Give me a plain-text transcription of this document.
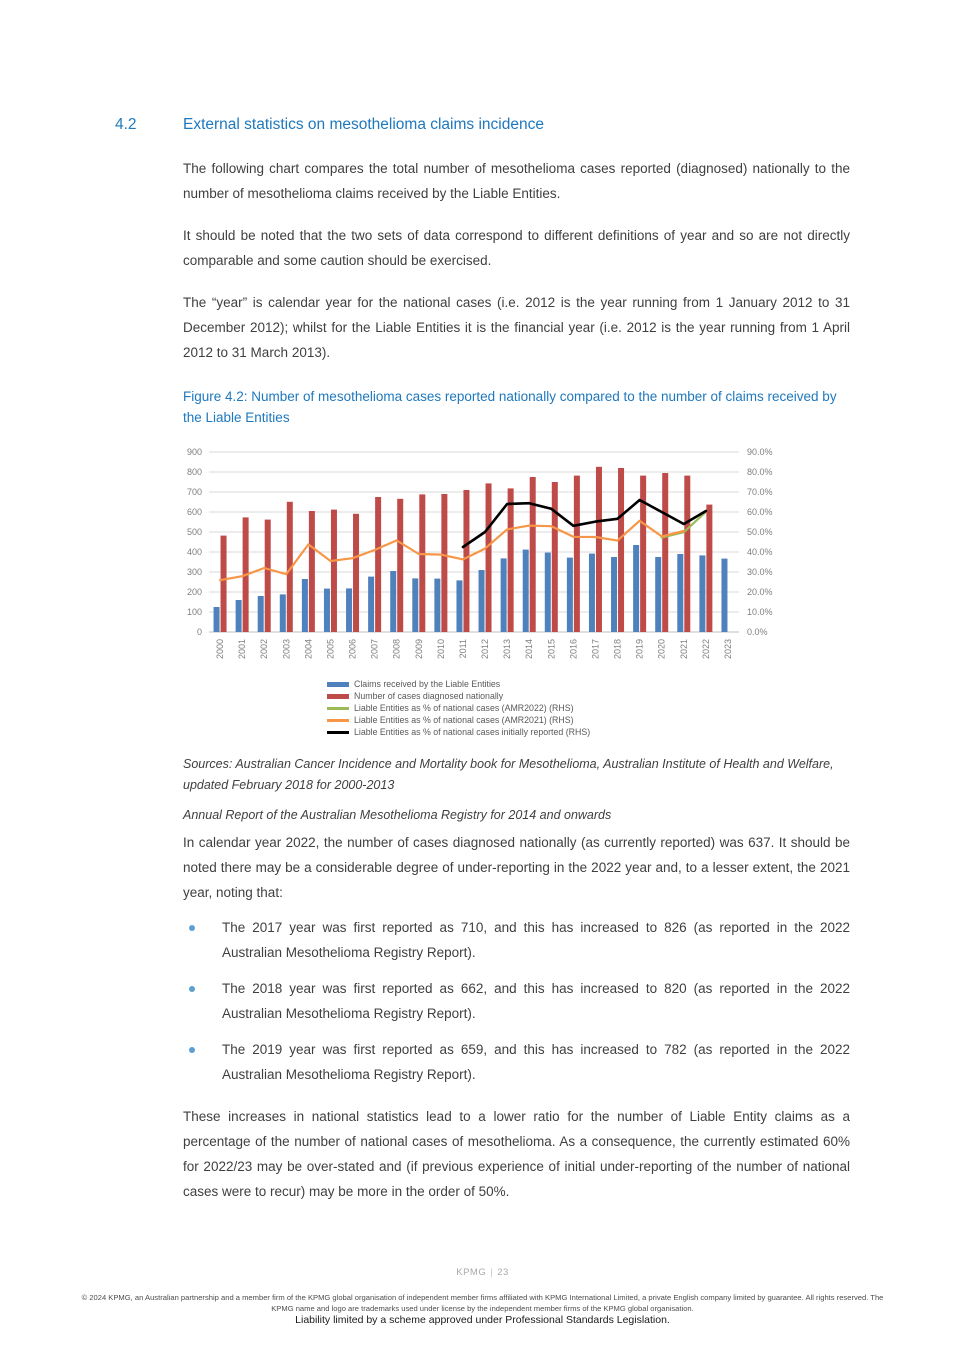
4.2	External statistics on mesothelioma claims incidence

The following chart compares the total number of mesothelioma cases reported (diagnosed) nationally to the number of mesothelioma claims received by the Liable Entities.

It should be noted that the two sets of data correspond to different definitions of year and so are not directly comparable and some caution should be exercised.

The “year” is calendar year for the national cases (i.e. 2012 is the year running from 1 January 2012 to 31 December 2012); whilst for the Liable Entities it is the financial year (i.e. 2012 is the year running from 1 April 2012 to 31 March 2013).

Figure 4.2: Number of mesothelioma cases reported nationally compared to the number of claims received by the Liable Entities

0	0.0%
100	10.0%
200	20.0%
300	30.0%
400	40.0%
500	50.0%
600	60.0%
700	70.0%
800	80.0%
900	90.0%
2000 2001 2002 2003 2004 2005 2006 2007 2008 2009 2010 2011 2012 2013 2014 2015 2016 2017 2018 2019 2020 2021 2022 2023
Claims received by the Liable Entities
Number of cases diagnosed nationally
Liable Entities as % of national cases (AMR2022) (RHS)
Liable Entities as % of national cases (AMR2021) (RHS)
Liable Entities as % of national cases initially reported (RHS)

Sources: Australian Cancer Incidence and Mortality book for Mesothelioma, Australian Institute of Health and Welfare, updated February 2018 for 2000-2013

Annual Report of the Australian Mesothelioma Registry for 2014 and onwards

In calendar year 2022, the number of cases diagnosed nationally (as currently reported) was 637. It should be noted there may be a considerable degree of under-reporting in the 2022 year and, to a lesser extent, the 2021 year, noting that:

The 2017 year was first reported as 710, and this has increased to 826 (as reported in the 2022 Australian Mesothelioma Registry Report).
The 2018 year was first reported as 662, and this has increased to 820 (as reported in the 2022 Australian Mesothelioma Registry Report).
The 2019 year was first reported as 659, and this has increased to 782 (as reported in the 2022 Australian Mesothelioma Registry Report).

These increases in national statistics lead to a lower ratio for the number of Liable Entity claims as a percentage of the number of national cases of mesothelioma. As a consequence, the currently estimated 60% for 2022/23 may be over-stated and (if previous experience of initial under-reporting of the number of national cases were to recur) may be more in the order of 50%.

KPMG | 23
© 2024 KPMG, an Australian partnership and a member firm of the KPMG global organisation of independent member firms affiliated with KPMG International Limited, a private English company limited by guarantee. All rights reserved. The KPMG name and logo are trademarks used under license by the independent member firms of the KPMG global organisation.
Liability limited by a scheme approved under Professional Standards Legislation.
